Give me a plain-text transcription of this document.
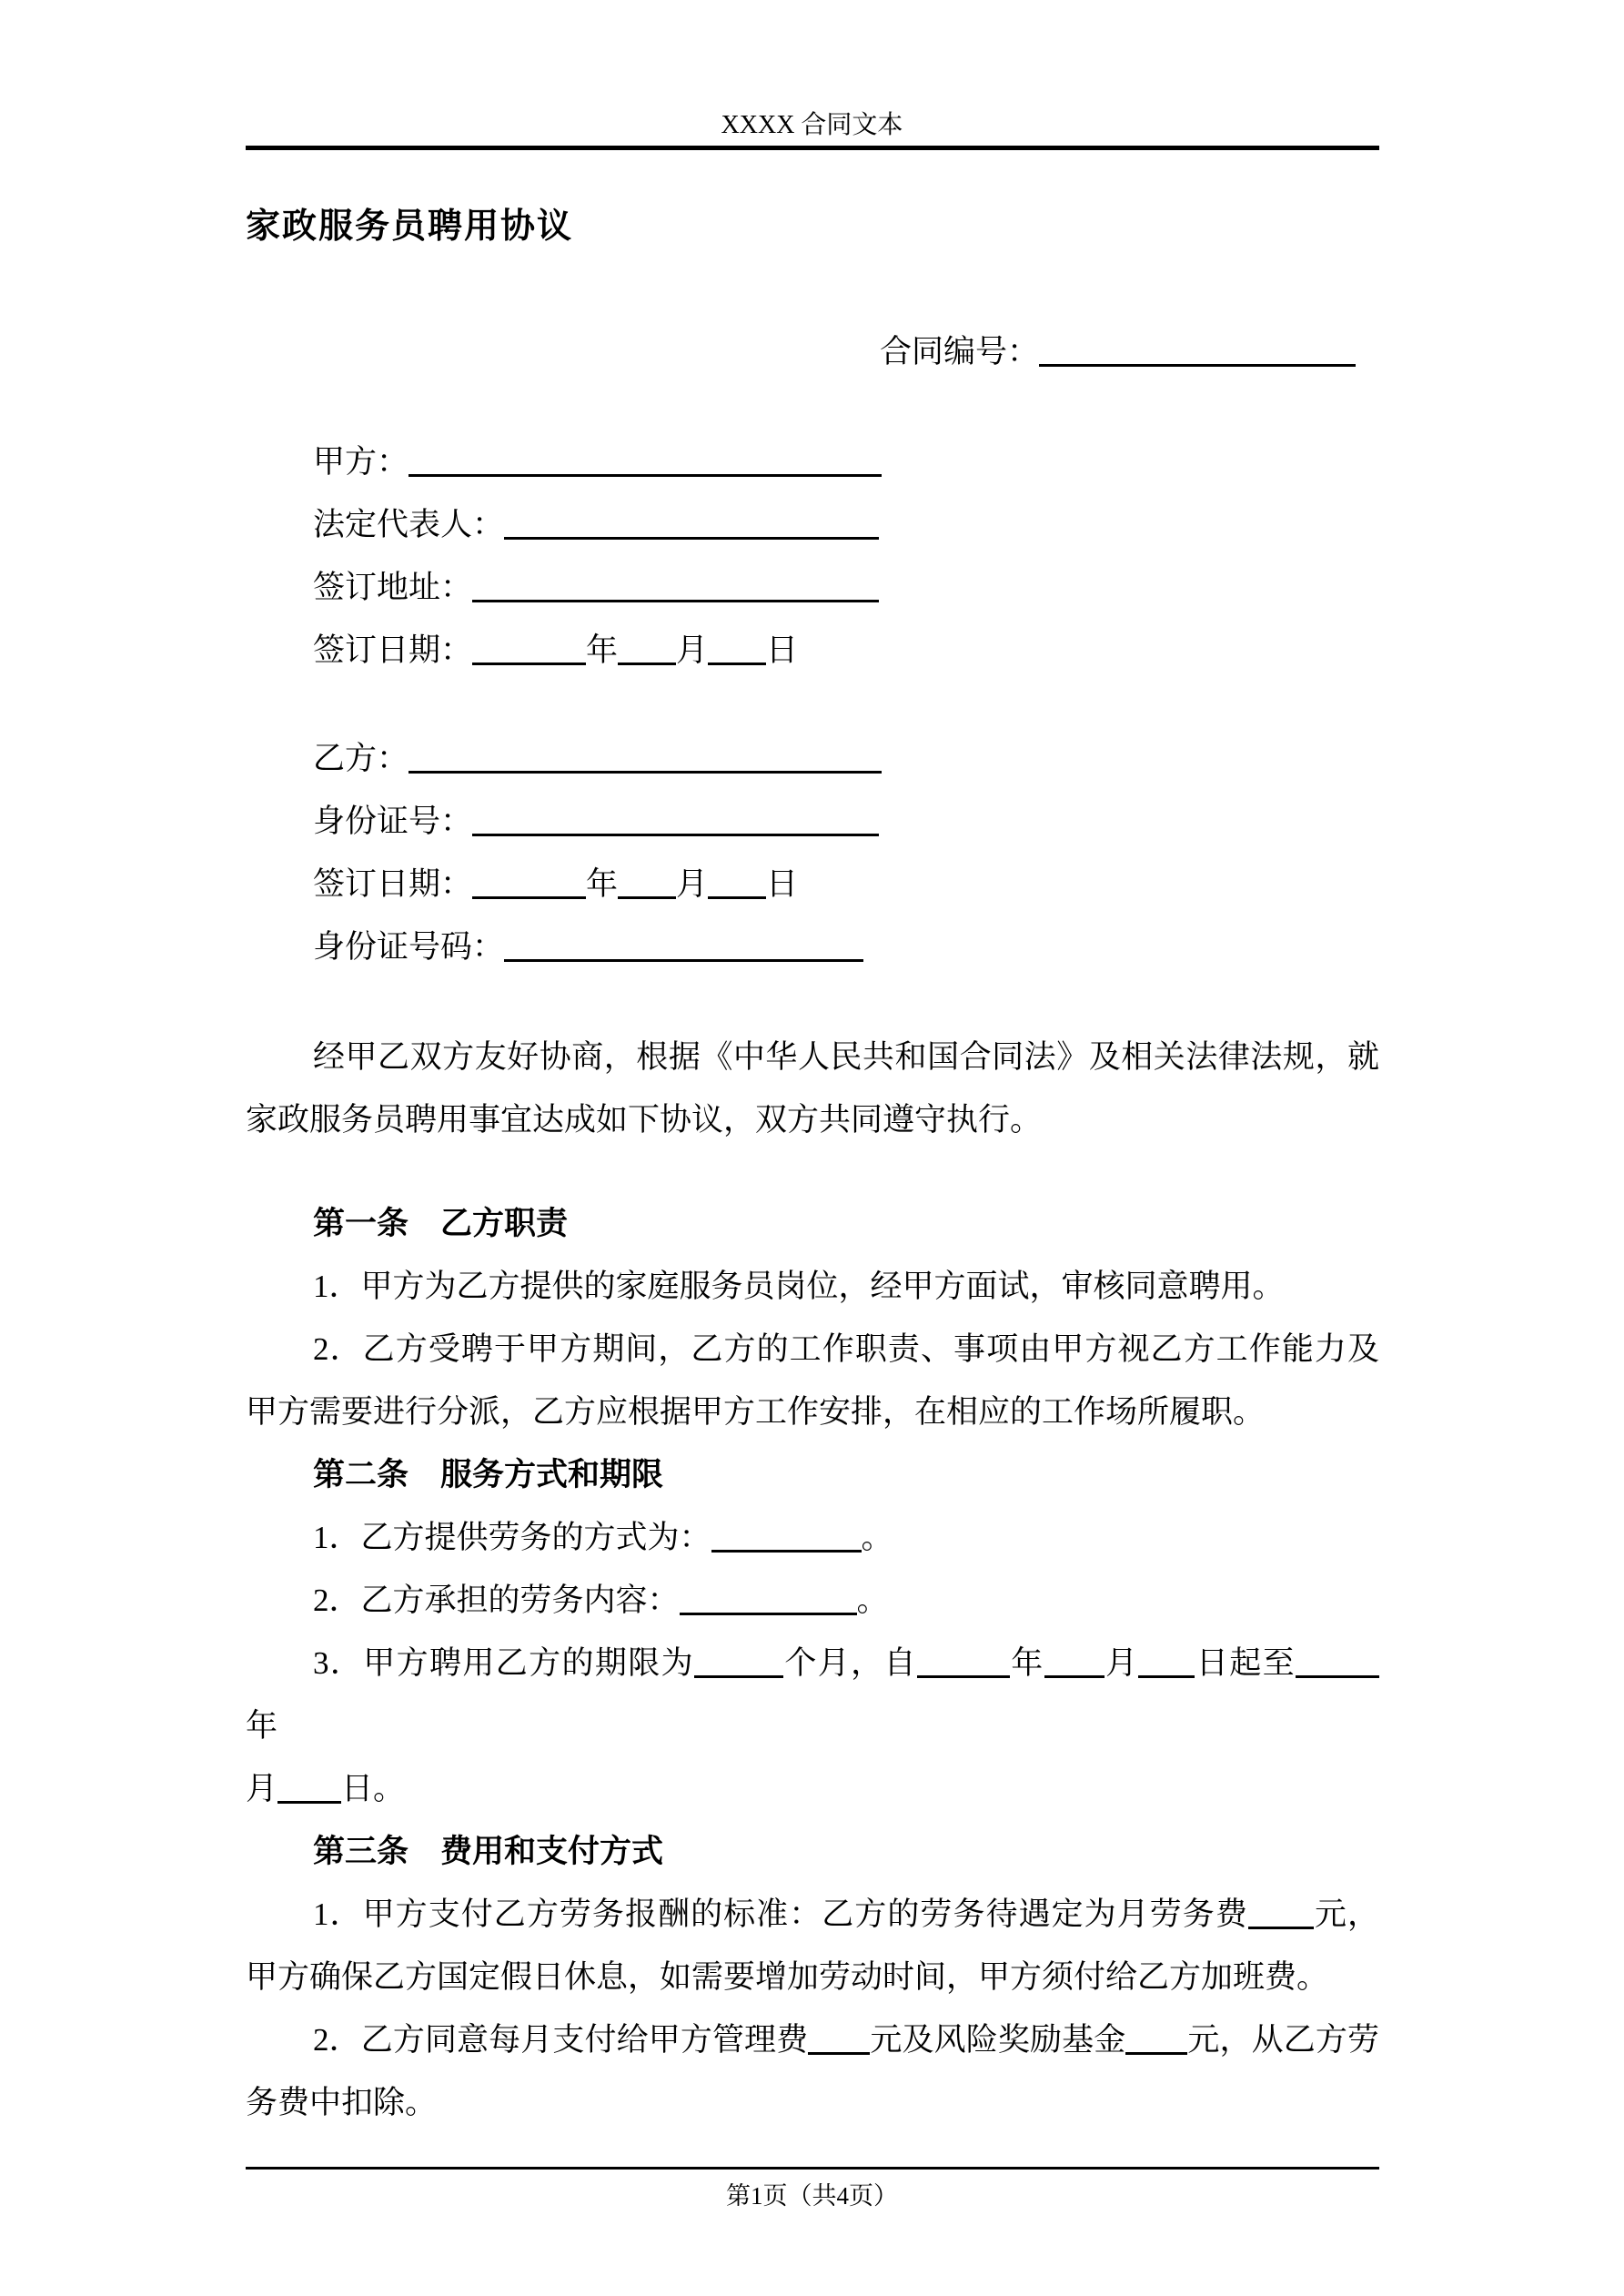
XXXX 合同文本
家政服务员聘用协议
合同编号：
甲方：
法定代表人：
签订地址：
签订日期：	年 月 日
乙方：
身份证号：
签订日期：	年 月 日
身份证号码：

经甲乙双方友好协商，根据《中华人民共和国合同法》及相关法律法规，就家政服务员聘用事宜达成如下协议，双方共同遵守执行。

第一条　乙方职责

1．甲方为乙方提供的家庭服务员岗位，经甲方面试，审核同意聘用。

2．乙方受聘于甲方期间，乙方的工作职责、事项由甲方视乙方工作能力及甲方需要进行分派，乙方应根据甲方工作安排，在相应的工作场所履职。

第二条　服务方式和期限

1．乙方提供劳务的方式为：	。

2．乙方承担的劳务内容：	。

3．甲方聘用乙方的期限为	个月，自	年 月 日起至年
月 日。

第三条　费用和支付方式

1．甲方支付乙方劳务报酬的标准：乙方的劳务待遇定为月劳务费 元，甲方确保乙方国定假日休息，如需要增加劳动时间，甲方须付给乙方加班费。

2．乙方同意每月支付给甲方管理费 元及风险奖励基金 元，从乙方劳务费中扣除。

第1页（共4页）
